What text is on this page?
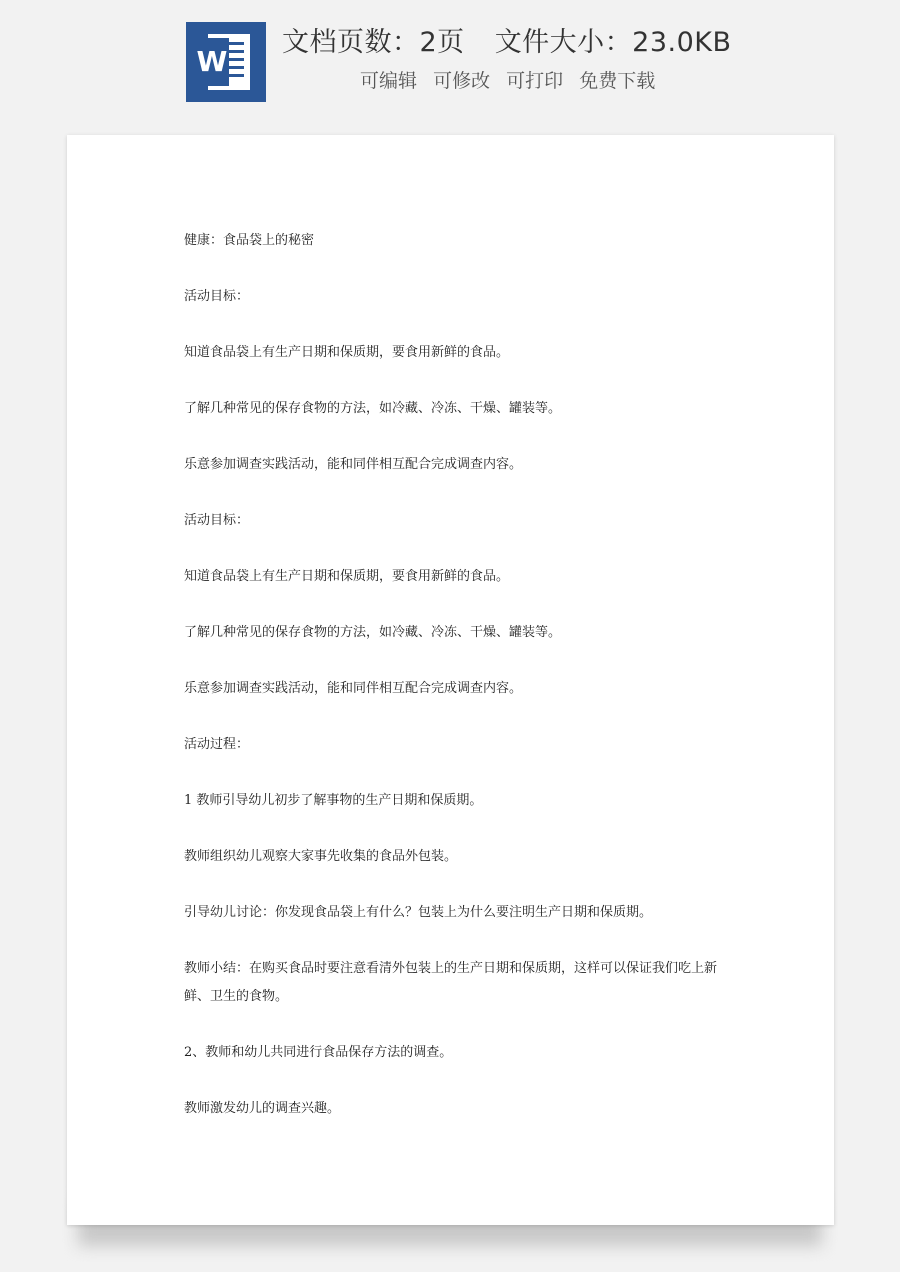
W
文档页数：2页 文件大小：23.0KB
可编辑 可修改 可打印 免费下载

健康：食品袋上的秘密

活动目标：

知道食品袋上有生产日期和保质期，要食用新鲜的食品。

了解几种常见的保存食物的方法，如冷藏、冷冻、干燥、罐装等。

乐意参加调查实践活动，能和同伴相互配合完成调查内容。

活动目标：

知道食品袋上有生产日期和保质期，要食用新鲜的食品。

了解几种常见的保存食物的方法，如冷藏、冷冻、干燥、罐装等。

乐意参加调查实践活动，能和同伴相互配合完成调查内容。

活动过程：

1 教师引导幼儿初步了解事物的生产日期和保质期。

教师组织幼儿观察大家事先收集的食品外包装。

引导幼儿讨论：你发现食品袋上有什么？包装上为什么要注明生产日期和保质期。

教师小结：在购买食品时要注意看清外包装上的生产日期和保质期，这样可以保证我们吃上新鲜、卫生的食物。

2、教师和幼儿共同进行食品保存方法的调查。

教师激发幼儿的调查兴趣。
